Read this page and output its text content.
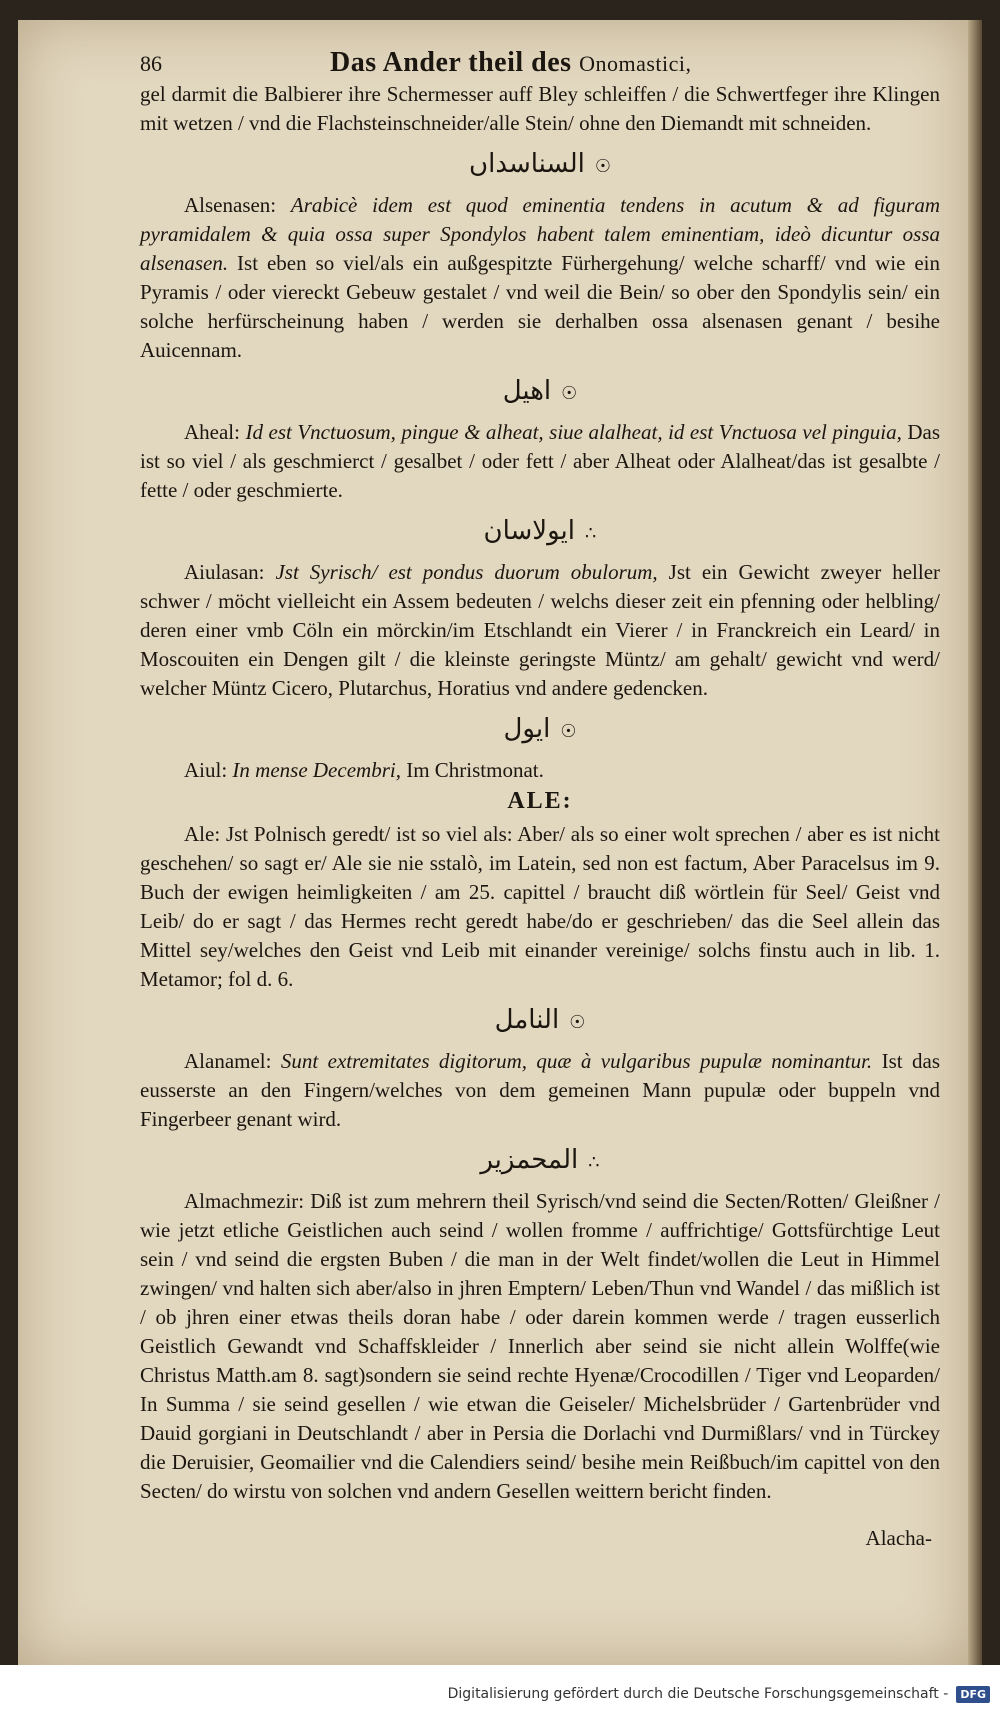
86	Das Ander theil des Onomastici,

gel darmit die Balbierer ihre Schermesser auff Bley schleiffen / die Schwertfeger ihre Klingen mit wetzen / vnd die Flachsteinschneider/alle Stein/ ohne den Diemandt mit schneiden.

السناسداں ☉

Alsenasen: Arabicè idem est quod eminentia tendens in acutum & ad figuram pyramidalem & quia ossa super Spondylos habent talem eminentiam, ideò dicuntur ossa alsenasen. Ist eben so viel/als ein außgespitzte Fürhergehung/ welche scharff/ vnd wie ein Pyramis / oder viereckt Gebeuw gestalet / vnd weil die Bein/ so ober den Spondylis sein/ ein solche herfürscheinung haben / werden sie derhalben ossa alsenasen genant / besihe Auicennam.

اهيل ☉

Aheal: Id est Vnctuosum, pingue & alheat, siue alalheat, id est Vnctuosa vel pinguia, Das ist so viel / als geschmierct / gesalbet / oder fett / aber Alheat oder Alalheat/das ist gesalbte / fette / oder geschmierte.

ايولاسان ∴

Aiulasan: Jst Syrisch/ est pondus duorum obulorum, Jst ein Gewicht zweyer heller schwer / möcht vielleicht ein Assem bedeuten / welchs dieser zeit ein pfenning oder helbling/ deren einer vmb Cöln ein mörckin/im Etschlandt ein Vierer / in Franckreich ein Leard/ in Moscouiten ein Dengen gilt / die kleinste geringste Müntz/ am gehalt/ gewicht vnd werd/ welcher Müntz Cicero, Plutarchus, Horatius vnd andere gedencken.

ايول ☉

Aiul: In mense Decembri, Im Christmonat.

ALE:

Ale: Jst Polnisch geredt/ ist so viel als: Aber/ als so einer wolt sprechen / aber es ist nicht geschehen/ so sagt er/ Ale sie nie sstalò, im Latein, sed non est factum, Aber Paracelsus im 9. Buch der ewigen heimligkeiten / am 25. capittel / braucht diß wörtlein für Seel/ Geist vnd Leib/ do er sagt / das Hermes recht geredt habe/do er geschrieben/ das die Seel allein das Mittel sey/welches den Geist vnd Leib mit einander vereinige/ solchs finstu auch in lib. 1. Metamor; fol d. 6.

النامل ☉

Alanamel: Sunt extremitates digitorum, quæ à vulgaribus pupulæ nominantur. Ist das eusserste an den Fingern/welches von dem gemeinen Mann pupulæ oder buppeln vnd Fingerbeer genant wird.

المحمزير ∴

Almachmezir: Diß ist zum mehrern theil Syrisch/vnd seind die Secten/Rotten/ Gleißner / wie jetzt etliche Geistlichen auch seind / wollen fromme / auffrichtige/ Gottsfürchtige Leut sein / vnd seind die ergsten Buben / die man in der Welt findet/wollen die Leut in Himmel zwingen/ vnd halten sich aber/also in jhren Emptern/ Leben/Thun vnd Wandel / das mißlich ist / ob jhren einer etwas theils doran habe / oder darein kommen werde / tragen eusserlich Geistlich Gewandt vnd Schaffskleider / Innerlich aber seind sie nicht allein Wolffe(wie Christus Matth.am 8. sagt)sondern sie seind rechte Hyenæ/Crocodillen / Tiger vnd Leoparden/ In Summa / sie seind gesellen / wie etwan die Geiseler/ Michelsbrüder / Gartenbrüder vnd Dauid gorgiani in Deutschlandt / aber in Persia die Dorlachi vnd Durmißlars/ vnd in Türckey die Deruisier, Geomailier vnd die Calendiers seind/ besihe mein Reißbuch/im capittel von den Secten/ do wirstu von solchen vnd andern Gesellen weittern bericht finden.

Alacha-
Digitalisierung gefördert durch die Deutsche Forschungsgemeinschaft -	DFG
